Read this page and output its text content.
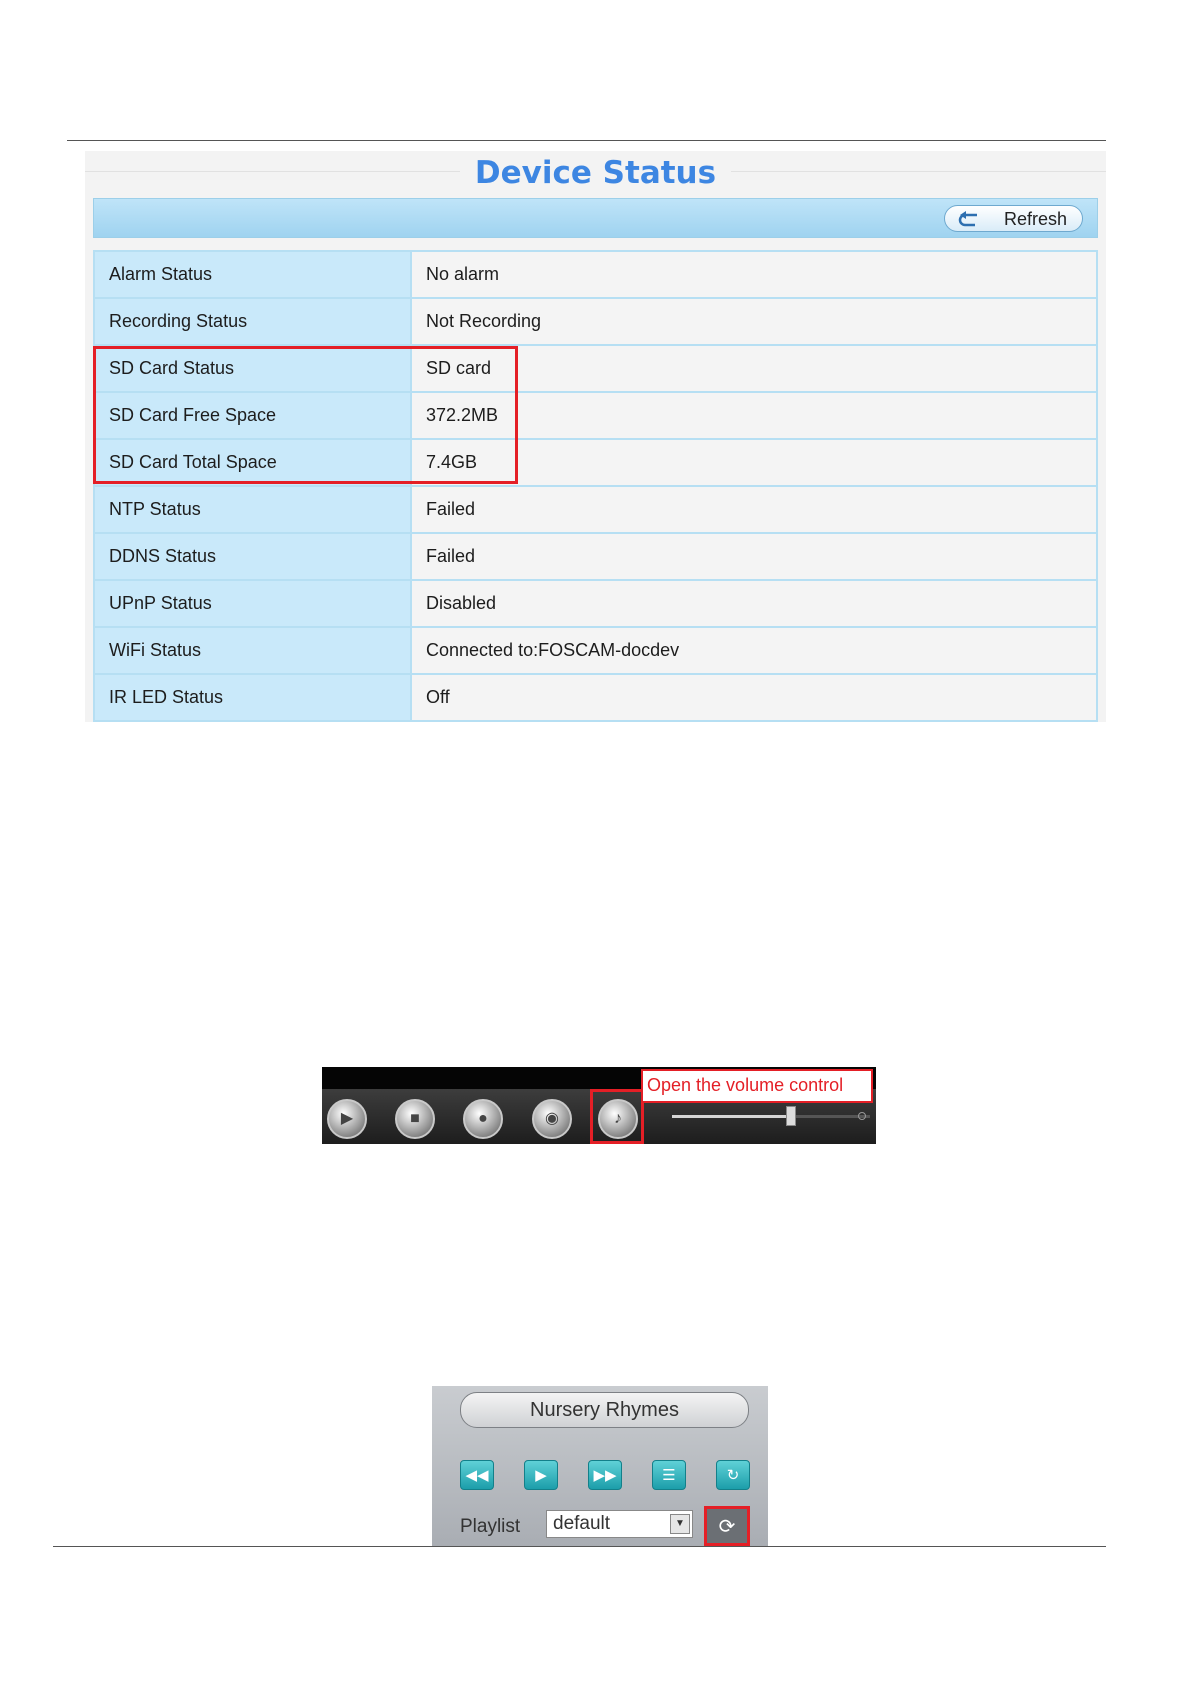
Device Status
Refresh
Alarm Status	No alarm
Recording Status	Not Recording
SD Card Status	SD card
SD Card Free Space	372.2MB
SD Card Total Space	7.4GB
NTP Status	Failed
DDNS Status	Failed
UPnP Status	Disabled
WiFi Status	Connected to:FOSCAM-docdev
IR LED Status	Off
▶	■	●	◉	♪
Open the volume control
Nursery Rhymes
◀◀	▶	▶▶	☰	↻
Playlist	default	▼	⟳
